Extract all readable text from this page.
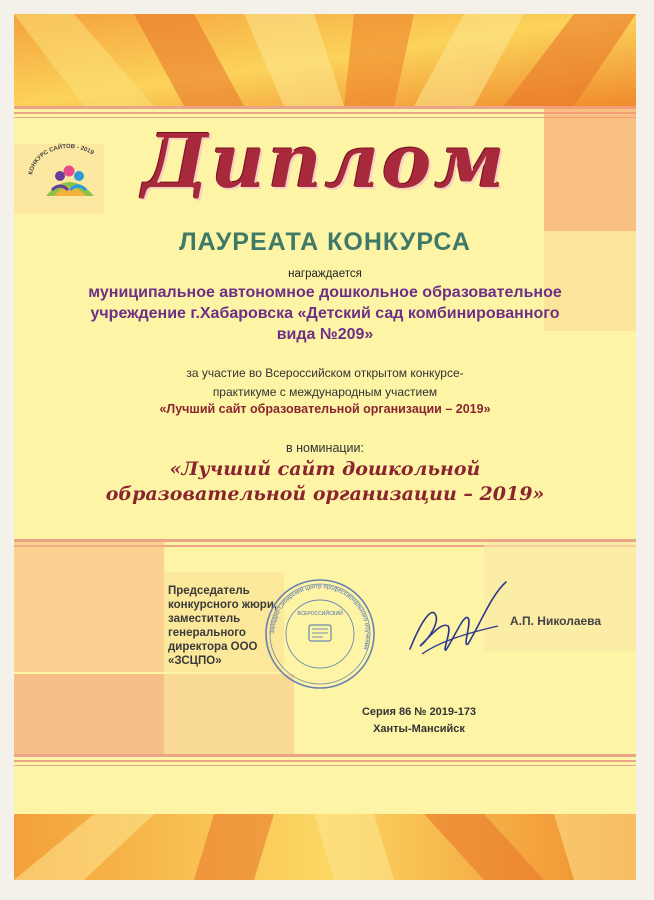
КОНКУРС САЙТОВ - 2019 Диплом
ЛАУРЕАТА КОНКУРСА
награждается
муниципальное автономное дошкольное образовательное учреждение г.Хабаровска «Детский сад комбинированного вида №209»
за участие во Всероссийском открытом конкурсе-
практикуме с международным участием
«Лучший сайт образовательной организации – 2019»
в номинации:
«Лучший сайт дошкольной
образовательной организации – 2019»
Председатель конкурсного жюри, заместитель генерального директора ООО «ЗСЦПО»
Западно-Сибирский центр профессионального обучения
ВСЕРОССИЙСКИЙ	А.П. Николаева
Серия 86 № 2019-173
Ханты-Мансийск
